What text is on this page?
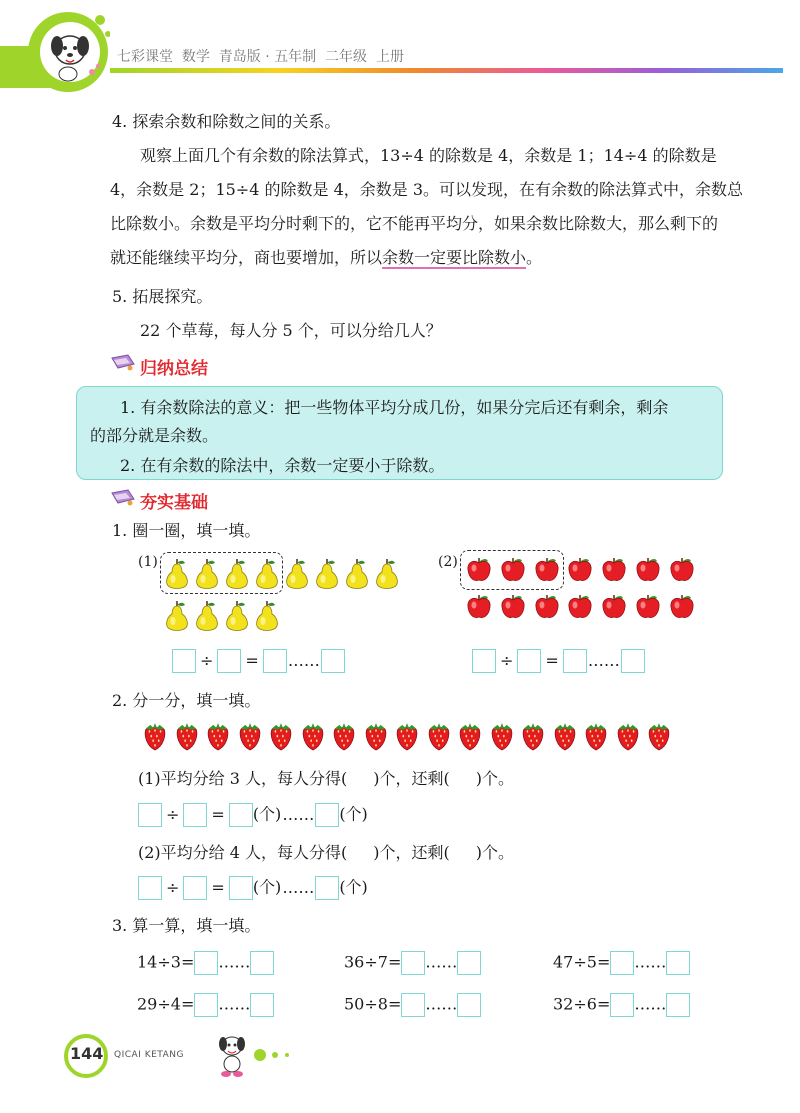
七彩课堂  数学  青岛版 · 五年制  二年级  上册
4. 探索余数和除数之间的关系。
观察上面几个有余数的除法算式，13÷4 的除数是 4，余数是 1；14÷4 的除数是
4，余数是 2；15÷4 的除数是 4，余数是 3。可以发现，在有余数的除法算式中，余数总
比除数小。余数是平均分时剩下的，它不能再平均分，如果余数比除数大，那么剩下的
就还能继续平均分，商也要增加，所以余数一定要比除数小。
5. 拓展探究。
22 个草莓，每人分 5 个，可以分给几人？
归纳总结
1. 有余数除法的意义：把一些物体平均分成几份，如果分完后还有剩余，剩余
的部分就是余数。
2. 在有余数的除法中，余数一定要小于除数。
夯实基础
1. 圈一圈，填一填。
(1)	(2)
÷ = ……	÷ = ……
2. 分一分，填一填。
(1)平均分给 3 人，每人分得( )个，还剩( )个。
÷ = (个)…… (个)
(2)平均分给 4 人，每人分得( )个，还剩( )个。
÷ = (个)…… (个)
3. 算一算，填一填。
14÷3= ……	36÷7= ……	47÷5= ……
29÷4= ……	50÷8= ……	32÷6= ……
144	QICAI KETANG
